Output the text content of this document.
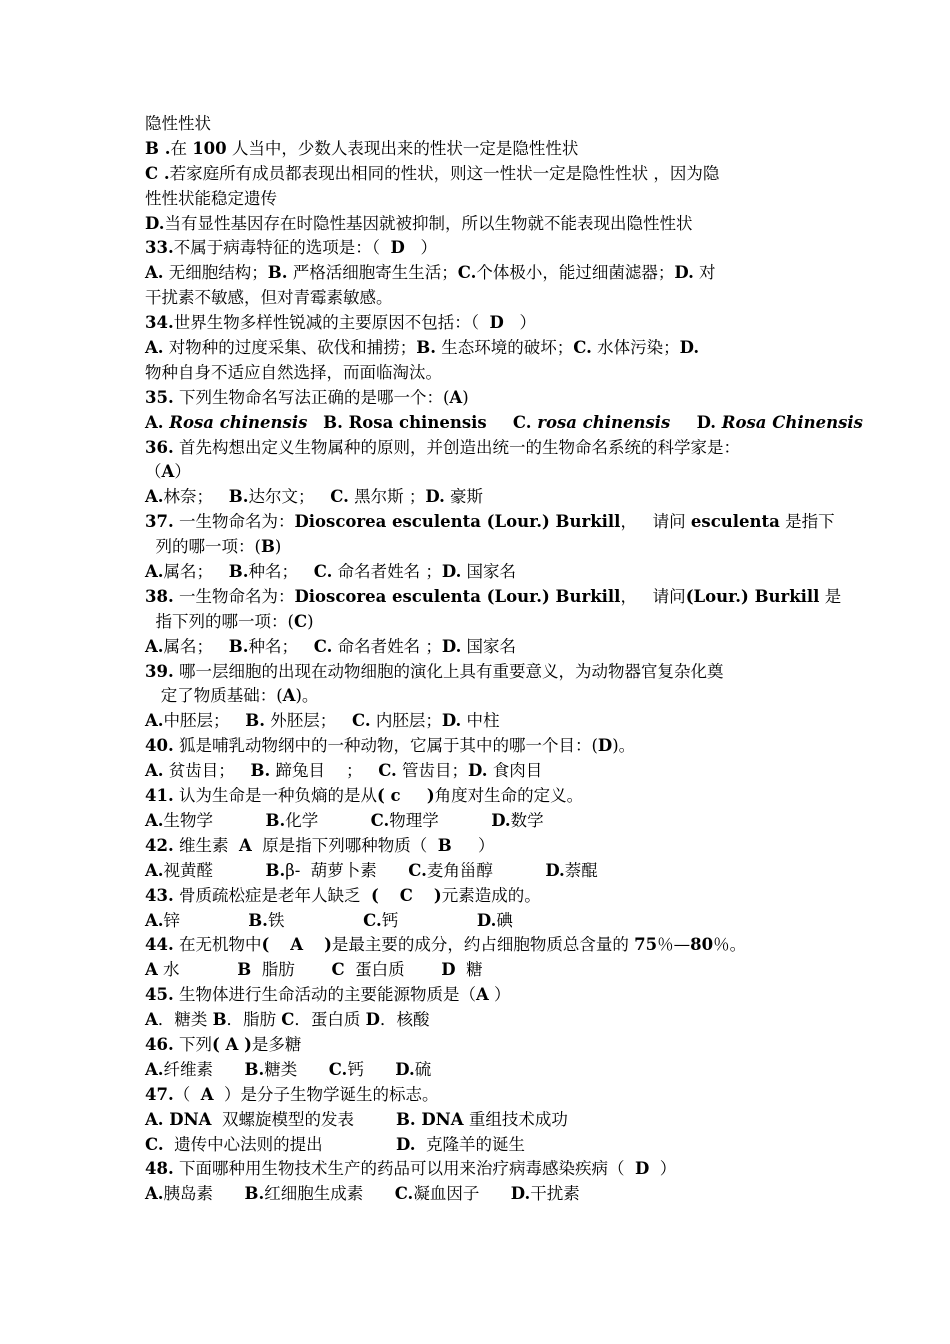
隐性性状
B .在 100 人当中，少数人表现出来的性状一定是隐性性状
C .若家庭所有成员都表现出相同的性状，则这一性状一定是隐性性状 ，因为隐
性性状能稳定遗传
D.当有显性基因存在时隐性基因就被抑制，所以生物就不能表现出隐性性状
33.不属于病毒特征的选项是：（  D   ）
A. 无细胞结构；B. 严格活细胞寄生生活；C.个体极小，能过细菌滤器；D. 对
干扰素不敏感，但对青霉素敏感。
34.世界生物多样性锐减的主要原因不包括：（  D   ）
A. 对物种的过度采集、砍伐和捕捞；B. 生态环境的破坏；C. 水体污染；D.
物种自身不适应自然选择，而面临淘汰。
35. 下列生物命名写法正确的是哪一个：(A)
A. Rosa chinensis B. Rosa chinensis C. rosa chinensis D. Rosa Chinensis
36. 首先构想出定义生物属种的原则，并创造出统一的生物命名系统的科学家是：
（A）
A.林奈；   B.达尔文；   C. 黑尔斯 ；D. 豪斯
37. 一生物命名为：Dioscorea esculenta (Lour.) Burkill，   请问 esculenta 是指下
列的哪一项：(B)
A.属名；   B.种名；   C. 命名者姓名 ；D. 国家名
38. 一生物命名为：Dioscorea esculenta (Lour.) Burkill，   请问(Lour.) Burkill 是
指下列的哪一项：(C)
A.属名；   B.种名；   C. 命名者姓名 ；D. 国家名
39. 哪一层细胞的出现在动物细胞的演化上具有重要意义，为动物器官复杂化奠
定了物质基础：(A)。
A.中胚层；   B. 外胚层；   C. 内胚层；D. 中柱
40. 狐是哺乳动物纲中的一种动物，它属于其中的哪一个目：(D)。
A. 贫齿目；   B. 蹄兔目    ；   C. 管齿目；D. 食肉目
41. 认为生命是一种负熵的是从( c )角度对生命的定义。
A.生物学          B.化学          C.物理学          D.数学
42. 维生素  A  原是指下列哪种物质（  B     ）
A.视黄醛          B.β-  葫萝卜素      C.麦角甾醇          D.萘醌
43. 骨质疏松症是老年人缺乏  ( C )元素造成的。
A.锌             B.铁               C.钙               D.碘
44. 在无机物中( A )是最主要的成分，约占细胞物质总含量的 75％—80％。
A 水           B  脂肪       C  蛋白质       D  糖
45. 生物体进行生命活动的主要能源物质是（A ）
A．糖类 B．脂肪 C．蛋白质 D．核酸
46. 下列( A )是多糖
A.纤维素      B.糖类      C.钙      D.硫
47.（  A  ）是分子生物学诞生的标志。
A. DNA  双螺旋模型的发表        B. DNA 重组技术成功
C.  遗传中心法则的提出              D.  克隆羊的诞生
48. 下面哪种用生物技术生产的药品可以用来治疗病毒感染疾病（  D  ）
A.胰岛素      B.红细胞生成素      C.凝血因子      D.干扰素
